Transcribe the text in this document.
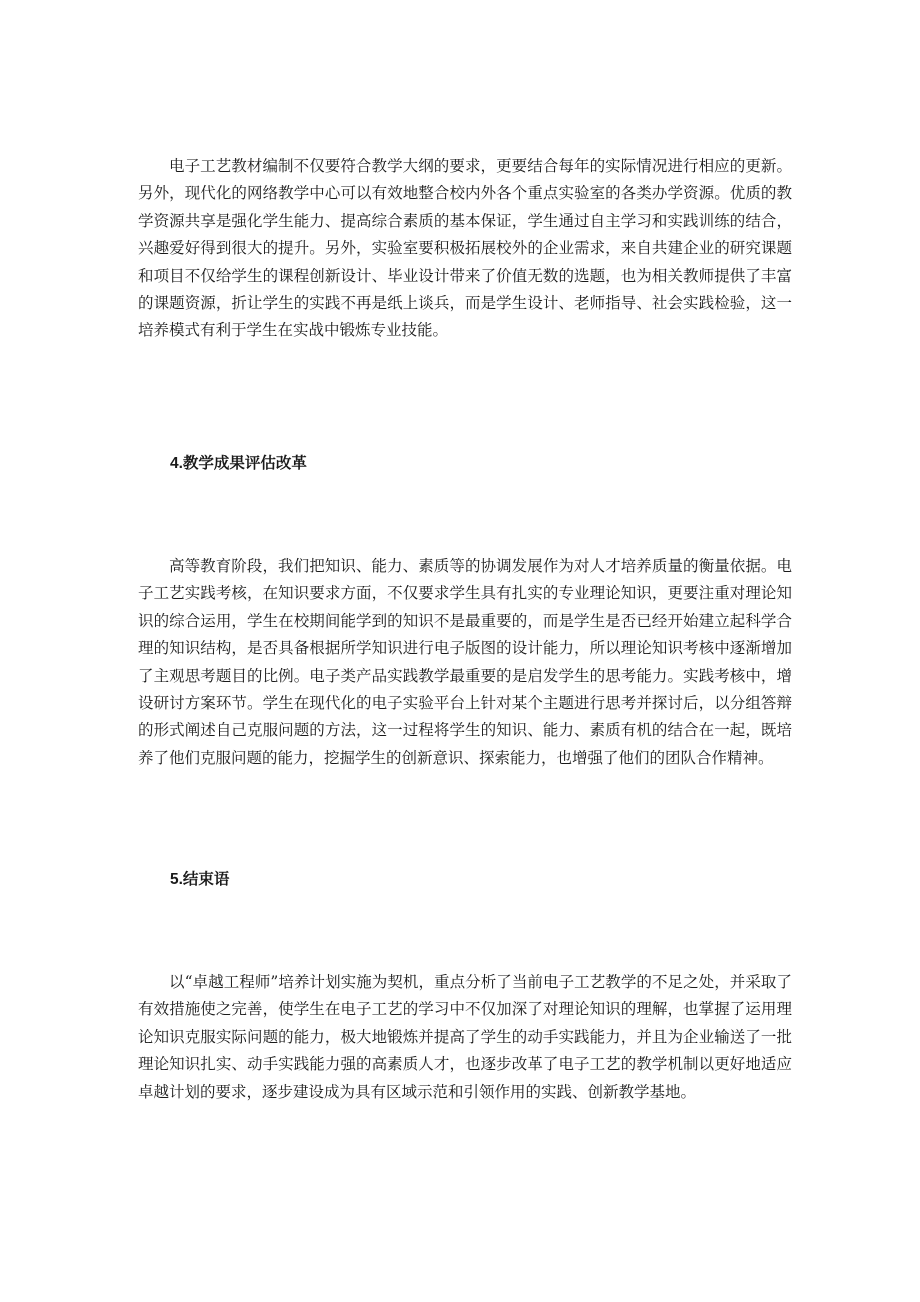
电子工艺教材编制不仅要符合教学大纲的要求，更要结合每年的实际情况进行相应的更新。另外，现代化的网络教学中心可以有效地整合校内外各个重点实验室的各类办学资源。优质的教学资源共享是强化学生能力、提高综合素质的基本保证，学生通过自主学习和实践训练的结合，兴趣爱好得到很大的提升。另外，实验室要积极拓展校外的企业需求，来自共建企业的研究课题和项目不仅给学生的课程创新设计、毕业设计带来了价值无数的选题，也为相关教师提供了丰富的课题资源，折让学生的实践不再是纸上谈兵，而是学生设计、老师指导、社会实践检验，这一培养模式有利于学生在实战中锻炼专业技能。

4.教学成果评估改革

高等教育阶段，我们把知识、能力、素质等的协调发展作为对人才培养质量的衡量依据。电子工艺实践考核，在知识要求方面，不仅要求学生具有扎实的专业理论知识，更要注重对理论知识的综合运用，学生在校期间能学到的知识不是最重要的，而是学生是否已经开始建立起科学合理的知识结构，是否具备根据所学知识进行电子版图的设计能力，所以理论知识考核中逐渐增加了主观思考题目的比例。电子类产品实践教学最重要的是启发学生的思考能力。实践考核中，增设研讨方案环节。学生在现代化的电子实验平台上针对某个主题进行思考并探讨后，以分组答辩的形式阐述自己克服问题的方法，这一过程将学生的知识、能力、素质有机的结合在一起，既培养了他们克服问题的能力，挖掘学生的创新意识、探索能力，也增强了他们的团队合作精神。

5.结束语

以“卓越工程师”培养计划实施为契机，重点分析了当前电子工艺教学的不足之处，并采取了有效措施使之完善，使学生在电子工艺的学习中不仅加深了对理论知识的理解，也掌握了运用理论知识克服实际问题的能力，极大地锻炼并提高了学生的动手实践能力，并且为企业输送了一批理论知识扎实、动手实践能力强的高素质人才，也逐步改革了电子工艺的教学机制以更好地适应卓越计划的要求，逐步建设成为具有区域示范和引领作用的实践、创新教学基地。
